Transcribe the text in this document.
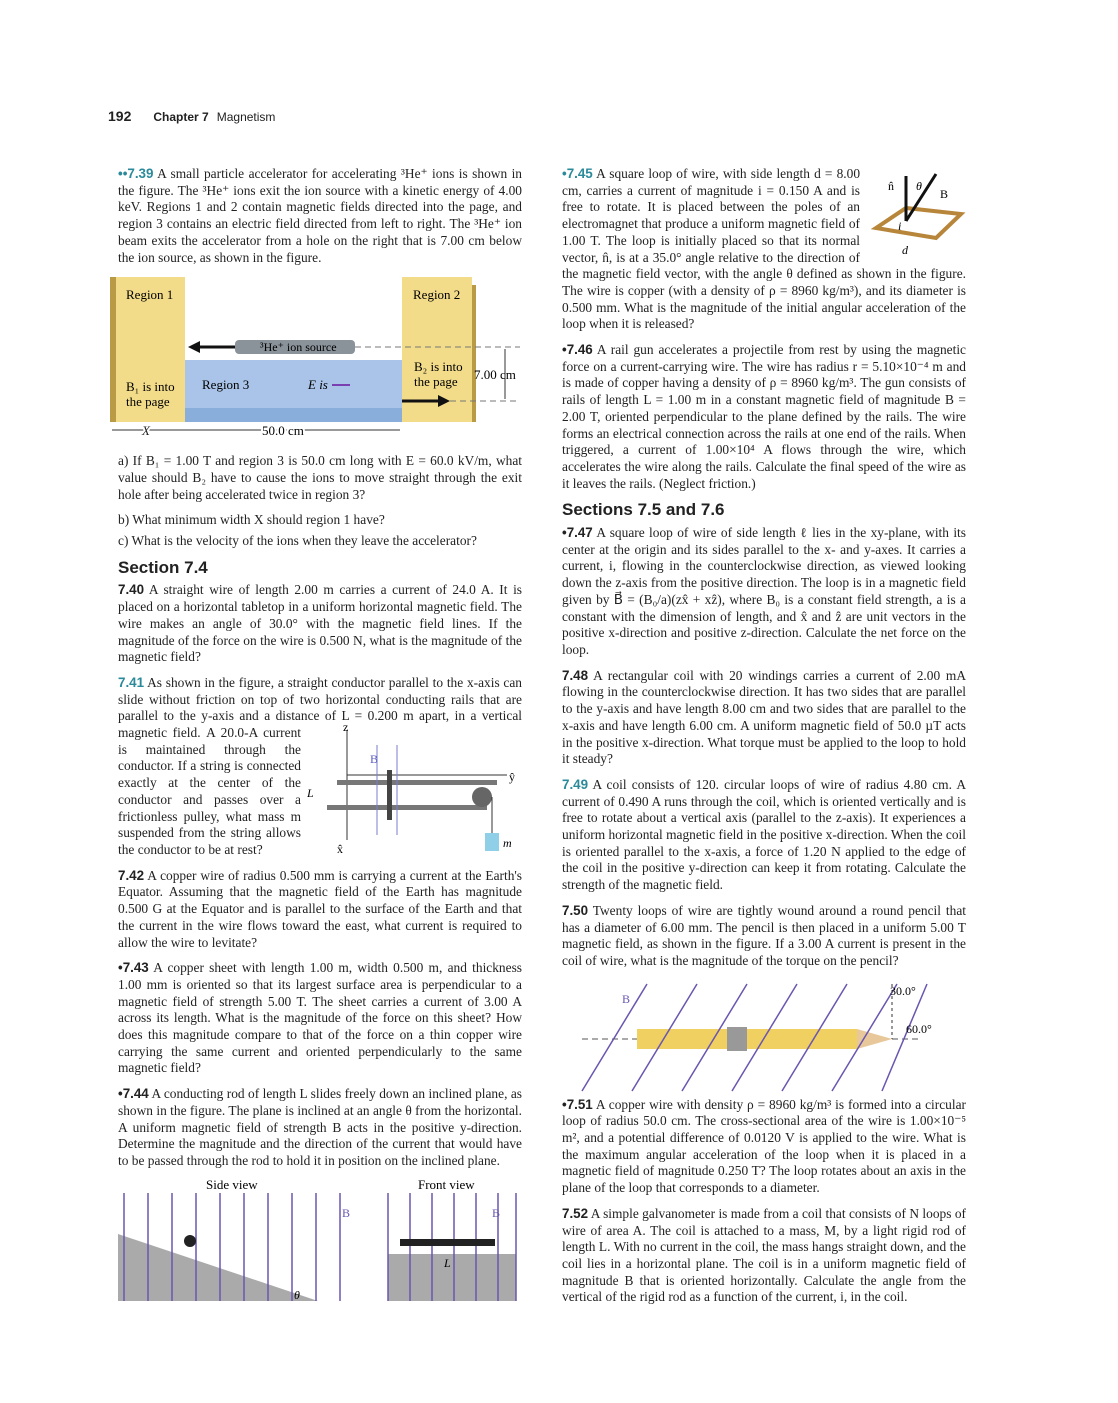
192 Chapter 7 Magnetism
••7.39 A small particle accelerator for accelerating ³He⁺ ions is shown in the figure. The ³He⁺ ions exit the ion source with a kinetic energy of 4.00 keV. Regions 1 and 2 contain magnetic fields directed into the page, and region 3 contains an electric field directed from left to right. The ³He⁺ ion beam exits the accelerator from a hole on the right that is 7.00 cm below the ion source, as shown in the figure.
³He⁺ ion source
Region 1	Region 2
Region 3
B₁ is into
the page
B₂ is into
the page
E is
7.00 cm
X	50.0 cm
a) If B₁ = 1.00 T and region 3 is 50.0 cm long with E = 60.0 kV/m, what value should B₂ have to cause the ions to move straight through the exit hole after being accelerated twice in region 3?
b) What minimum width X should region 1 have?
c) What is the velocity of the ions when they leave the accelerator?
Section 7.4
7.40 A straight wire of length 2.00 m carries a current of 24.0 A. It is placed on a horizontal tabletop in a uniform horizontal magnetic field. The wire makes an angle of 30.0° with the magnetic field lines. If the magnitude of the force on the wire is 0.500 N, what is the magnitude of the magnetic field?
7.41 As shown in the figure, a straight conductor parallel to the x-axis can slide without friction on top of two horizontal conducting rails that are parallel to the y-axis and a distance of L = 0.200 m apart, in a vertical magnetic field.	ẑ
ŷ
x̂
B
L
m
A 20.0-A current is maintained through the conductor. If a string is connected exactly at the center of the conductor and passes over a frictionless pulley, what mass m suspended from the string allows the conductor to be at rest?
7.42 A copper wire of radius 0.500 mm is carrying a current at the Earth's Equator. Assuming that the magnetic field of the Earth has magnitude 0.500 G at the Equator and is parallel to the surface of the Earth and that the current in the wire flows toward the east, what current is required to allow the wire to levitate?
•7.43 A copper sheet with length 1.00 m, width 0.500 m, and thickness 1.00 mm is oriented so that its largest surface area is perpendicular to a magnetic field of strength 5.00 T. The sheet carries a current of 3.00 A across its length. What is the magnitude of the force on this sheet? How does this magnitude compare to that of the force on a thin copper wire carrying the same current and oriented perpendicularly to the same magnetic field?
•7.44 A conducting rod of length L slides freely down an inclined plane, as shown in the figure. The plane is inclined at an angle θ from the horizontal. A uniform magnetic field of strength B acts in the positive y-direction. Determine the magnitude and the direction of the current that would have to be passed through the rod to hold it in position on the inclined plane.
Side view	Front view
B	B
θ
L
n̂ θ
B
i
d
•7.45 A square loop of wire, with side length d = 8.00 cm, carries a current of magnitude i = 0.150 A and is free to rotate. It is placed between the poles of an electromagnet that produce a uniform magnetic field of 1.00 T. The loop is initially placed so that its normal vector, n̂, is at a 35.0° angle relative to the direction of the magnetic field vector, with the angle θ defined as shown in the figure. The wire is copper (with a density of ρ = 8960 kg/m³), and its diameter is 0.500 mm. What is the magnitude of the initial angular acceleration of the loop when it is released?
•7.46 A rail gun accelerates a projectile from rest by using the magnetic force on a current-carrying wire. The wire has radius r = 5.10×10⁻⁴ m and is made of copper having a density of ρ = 8960 kg/m³. The gun consists of rails of length L = 1.00 m in a constant magnetic field of magnitude B = 2.00 T, oriented perpendicular to the plane defined by the rails. The wire forms an electrical connection across the rails at one end of the rails. When triggered, a current of 1.00×10⁴ A flows through the wire, which accelerates the wire along the rails. Calculate the final speed of the wire as it leaves the rails. (Neglect friction.)
Sections 7.5 and 7.6
•7.47 A square loop of wire of side length ℓ lies in the xy-plane, with its center at the origin and its sides parallel to the x- and y-axes. It carries a current, i, flowing in the counterclockwise direction, as viewed looking down the z-axis from the positive direction. The loop is in a magnetic field given by B⃗ = (B₀/a)(zx̂ + xẑ), where B₀ is a constant field strength, a is a constant with the dimension of length, and x̂ and ẑ are unit vectors in the positive x-direction and positive z-direction. Calculate the net force on the loop.
7.48 A rectangular coil with 20 windings carries a current of 2.00 mA flowing in the counterclockwise direction. It has two sides that are parallel to the y-axis and have length 8.00 cm and two sides that are parallel to the x-axis and have length 6.00 cm. A uniform magnetic field of 50.0 µT acts in the positive x-direction. What torque must be applied to the loop to hold it steady?
7.49 A coil consists of 120. circular loops of wire of radius 4.80 cm. A current of 0.490 A runs through the coil, which is oriented vertically and is free to rotate about a vertical axis (parallel to the z-axis). It experiences a uniform horizontal magnetic field in the positive x-direction. When the coil is oriented parallel to the x-axis, a force of 1.20 N applied to the edge of the coil in the positive y-direction can keep it from rotating. Calculate the strength of the magnetic field.
7.50 Twenty loops of wire are tightly wound around a round pencil that has a diameter of 6.00 mm. The pencil is then placed in a uniform 5.00 T magnetic field, as shown in the figure. If a 3.00 A current is present in the coil of wire, what is the magnitude of the torque on the pencil?
B
30.0°
60.0°
•7.51 A copper wire with density ρ = 8960 kg/m³ is formed into a circular loop of radius 50.0 cm. The cross-sectional area of the wire is 1.00×10⁻⁵ m², and a potential difference of 0.0120 V is applied to the wire. What is the maximum angular acceleration of the loop when it is placed in a magnetic field of magnitude 0.250 T? The loop rotates about an axis in the plane of the loop that corresponds to a diameter.
7.52 A simple galvanometer is made from a coil that consists of N loops of wire of area A. The coil is attached to a mass, M, by a light rigid rod of length L. With no current in the coil, the mass hangs straight down, and the coil lies in a horizontal plane. The coil is in a uniform magnetic field of magnitude B that is oriented horizontally. Calculate the angle from the vertical of the rigid rod as a function of the current, i, in the coil.
